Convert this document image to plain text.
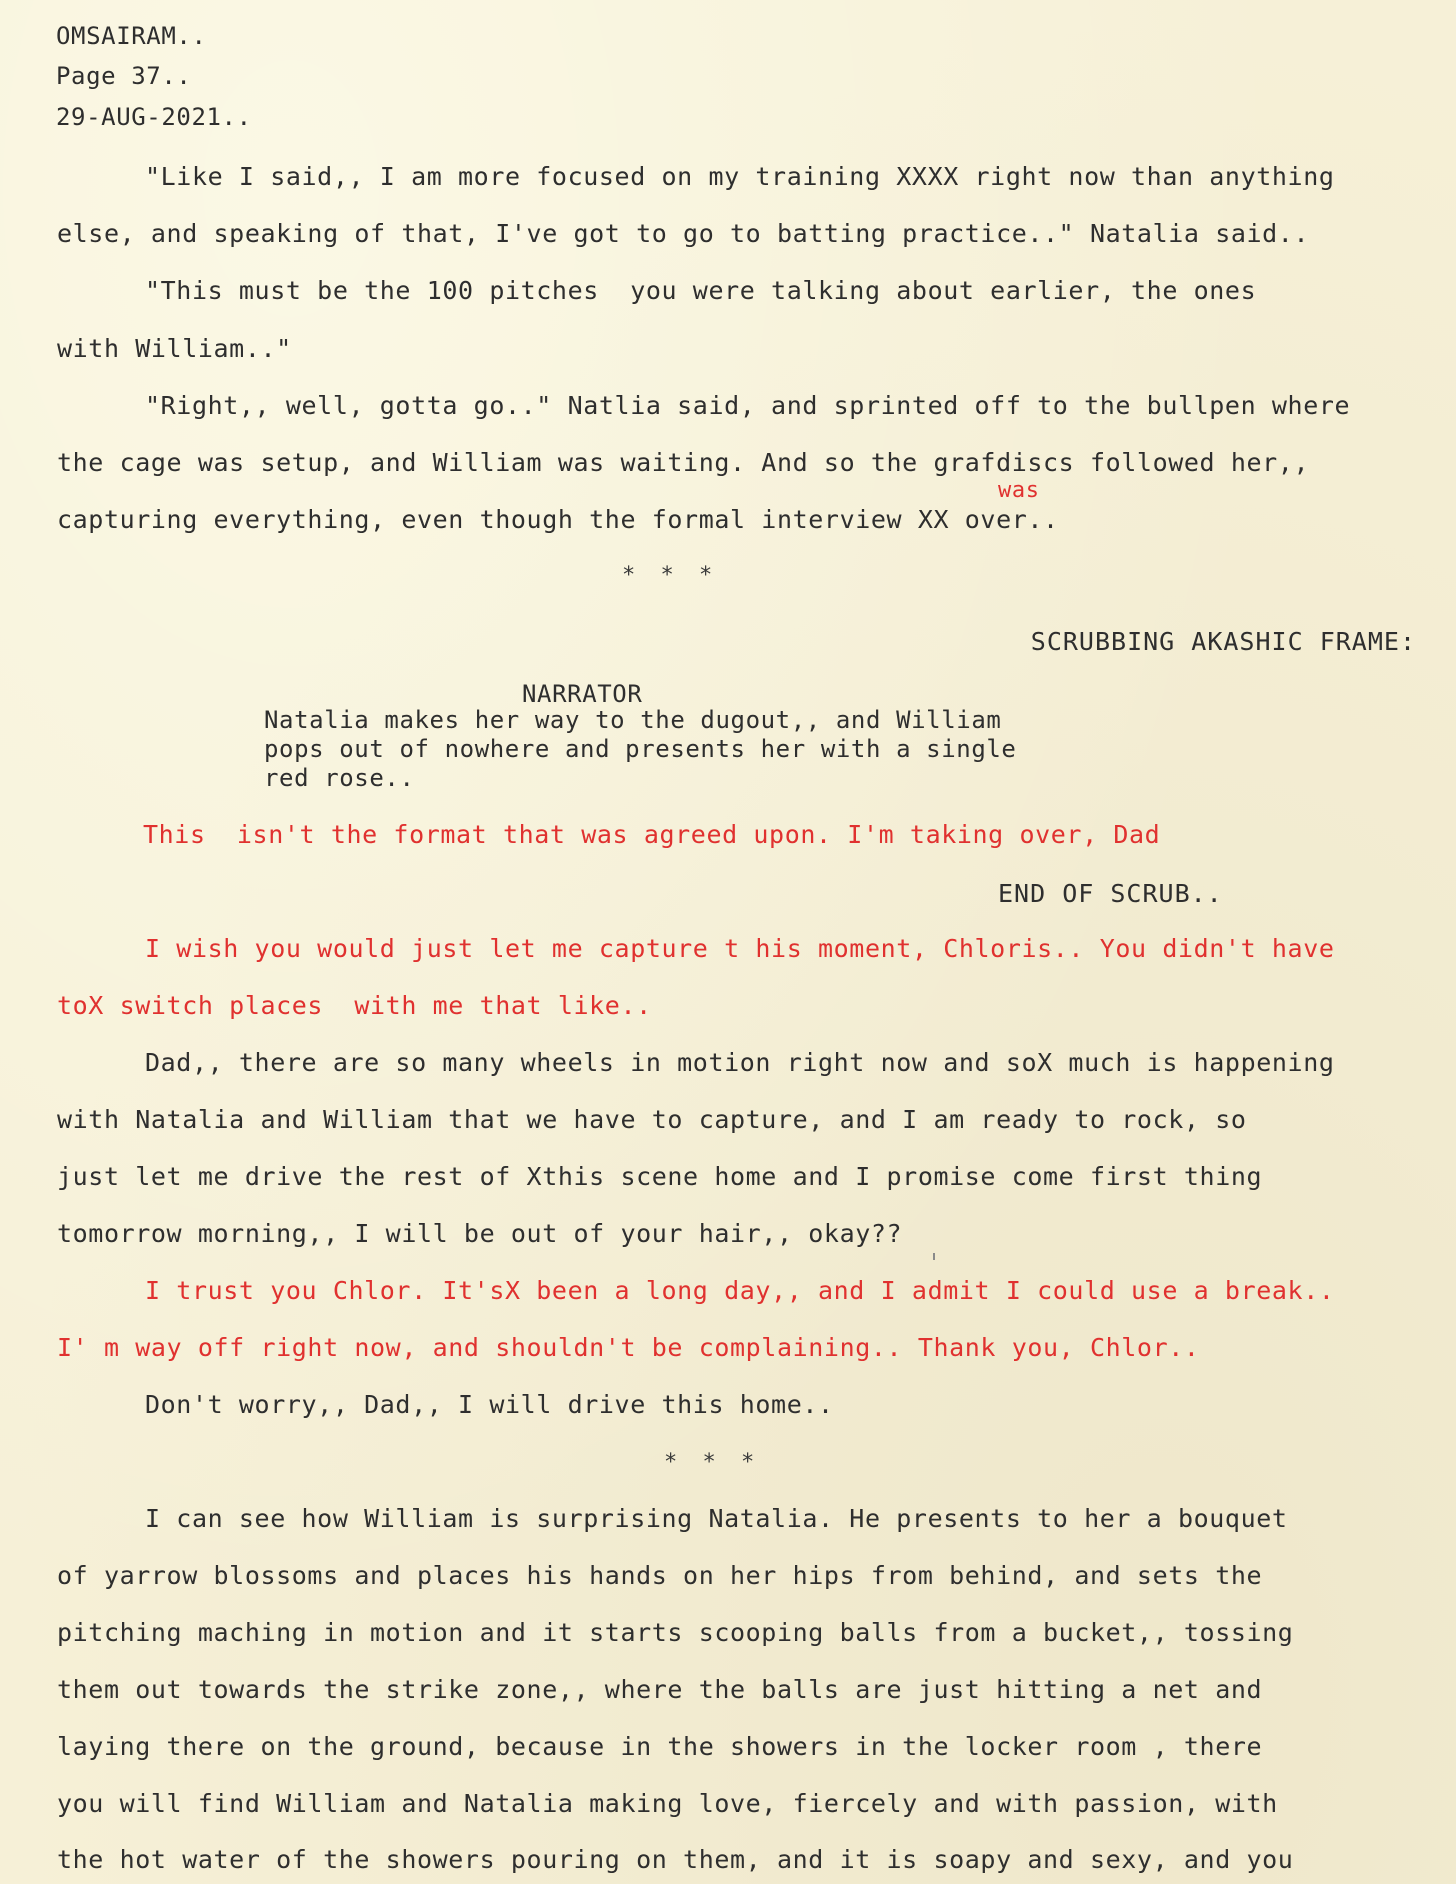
OMSAIRAM..
Page 37..
29-AUG-2021..
"Like I said,, I am more focused on my training XXXX right now than anything
else, and speaking of that, I've got to go to batting practice.." Natalia said..
"This must be the 100 pitches  you were talking about earlier, the ones
with William.."
"Right,, well, gotta go.." Natlia said, and sprinted off to the bullpen where
the cage was setup, and William was waiting. And so the grafdiscs followed her,,
was
capturing everything, even though the formal interview XX over..
* * *
SCRUBBING AKASHIC FRAME:
NARRATOR
Natalia makes her way to the dugout,, and William
pops out of nowhere and presents her with a single
red rose..
This  isn't the format that was agreed upon. I'm taking over, Dad
END OF SCRUB..
I wish you would just let me capture t his moment, Chloris.. You didn't have
toX switch places  with me that like..
Dad,, there are so many wheels in motion right now and soX much is happening
with Natalia and William that we have to capture, and I am ready to rock, so
just let me drive the rest of Xthis scene home and I promise come first thing
tomorrow morning,, I will be out of your hair,, okay??
I trust you Chlor. It'sX been a long day,, and I admit I could use a break..
I' m way off right now, and shouldn't be complaining.. Thank you, Chlor..
Don't worry,, Dad,, I will drive this home..
* * *
I can see how William is surprising Natalia. He presents to her a bouquet
of yarrow blossoms and places his hands on her hips from behind, and sets the
pitching maching in motion and it starts scooping balls from a bucket,, tossing
them out towards the strike zone,, where the balls are just hitting a net and
laying there on the ground, because in the showers in the locker room , there
you will find William and Natalia making love, fiercely and with passion, with
the hot water of the showers pouring on them, and it is soapy and sexy, and you
